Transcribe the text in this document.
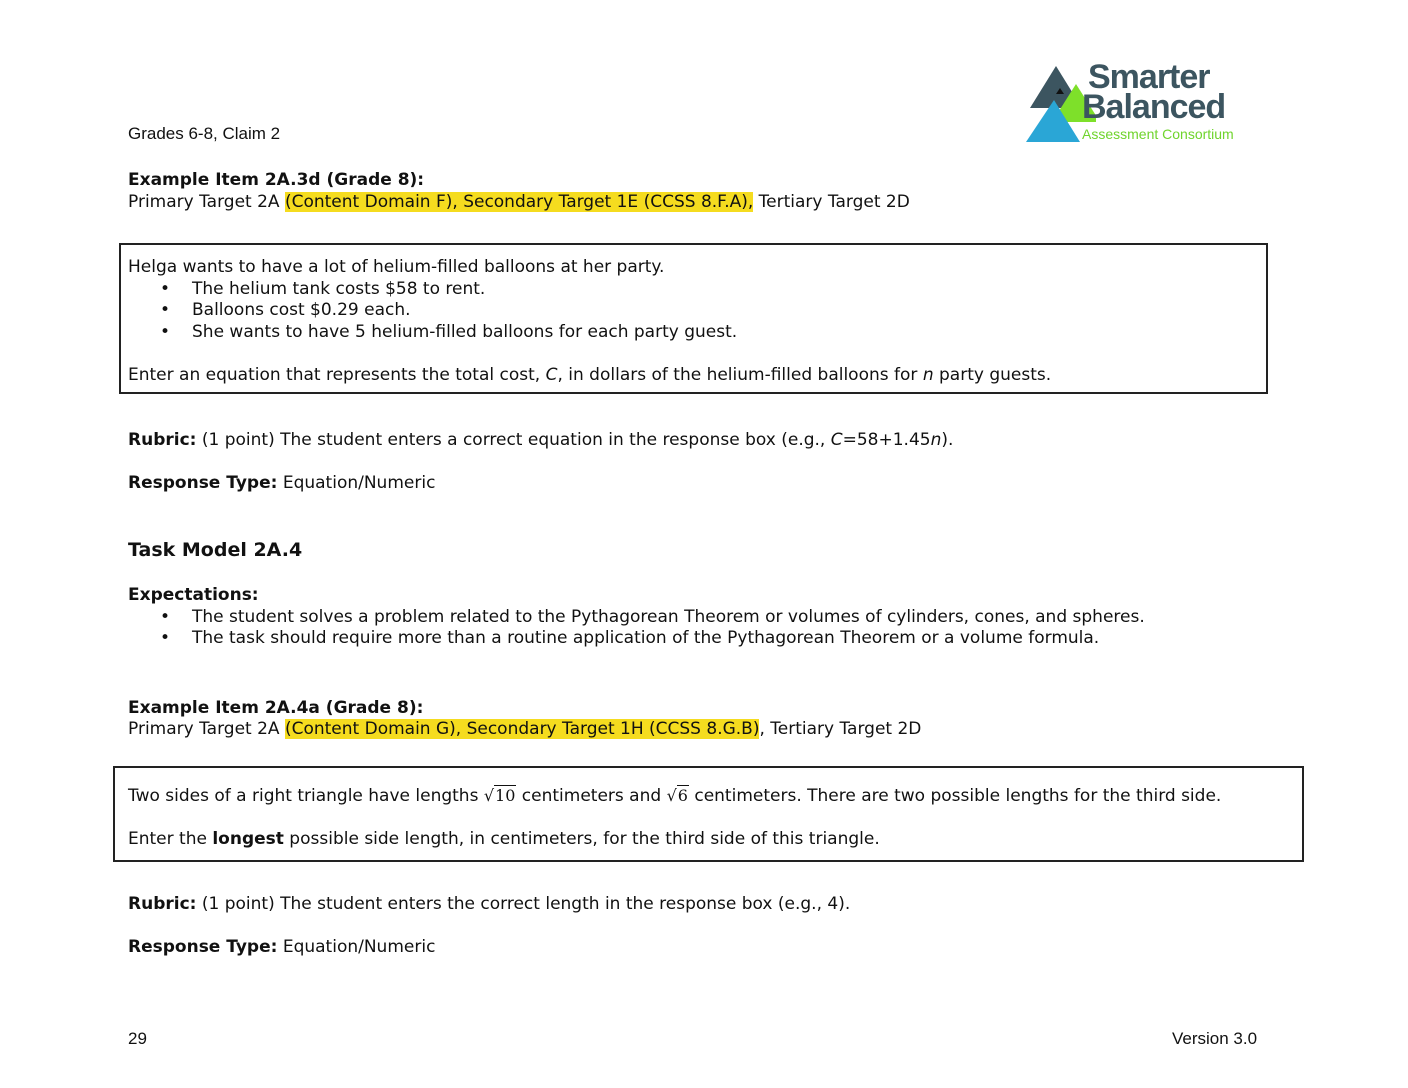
Smarter
Balanced
Assessment Consortium
Grades 6-8, Claim 2
Example Item 2A.3d (Grade 8):
Primary Target 2A (Content Domain F), Secondary Target 1E (CCSS 8.F.A), Tertiary Target 2D
Helga wants to have a lot of helium-filled balloons at her party.
• The helium tank costs $58 to rent.
• Balloons cost $0.29 each.
• She wants to have 5 helium-filled balloons for each party guest.
Enter an equation that represents the total cost, C, in dollars of the helium-filled balloons for n party guests.
Rubric: (1 point) The student enters a correct equation in the response box (e.g., C=58+1.45n).
Response Type: Equation/Numeric
Task Model 2A.4
Expectations:
• The student solves a problem related to the Pythagorean Theorem or volumes of cylinders, cones, and spheres.
• The task should require more than a routine application of the Pythagorean Theorem or a volume formula.
Example Item 2A.4a (Grade 8):
Primary Target 2A (Content Domain G), Secondary Target 1H (CCSS 8.G.B), Tertiary Target 2D
Two sides of a right triangle have lengths √10 centimeters and √6 centimeters. There are two possible lengths for the third side.
Enter the longest possible side length, in centimeters, for the third side of this triangle.
Rubric: (1 point) The student enters the correct length in the response box (e.g., 4).
Response Type: Equation/Numeric
29	Version 3.0
